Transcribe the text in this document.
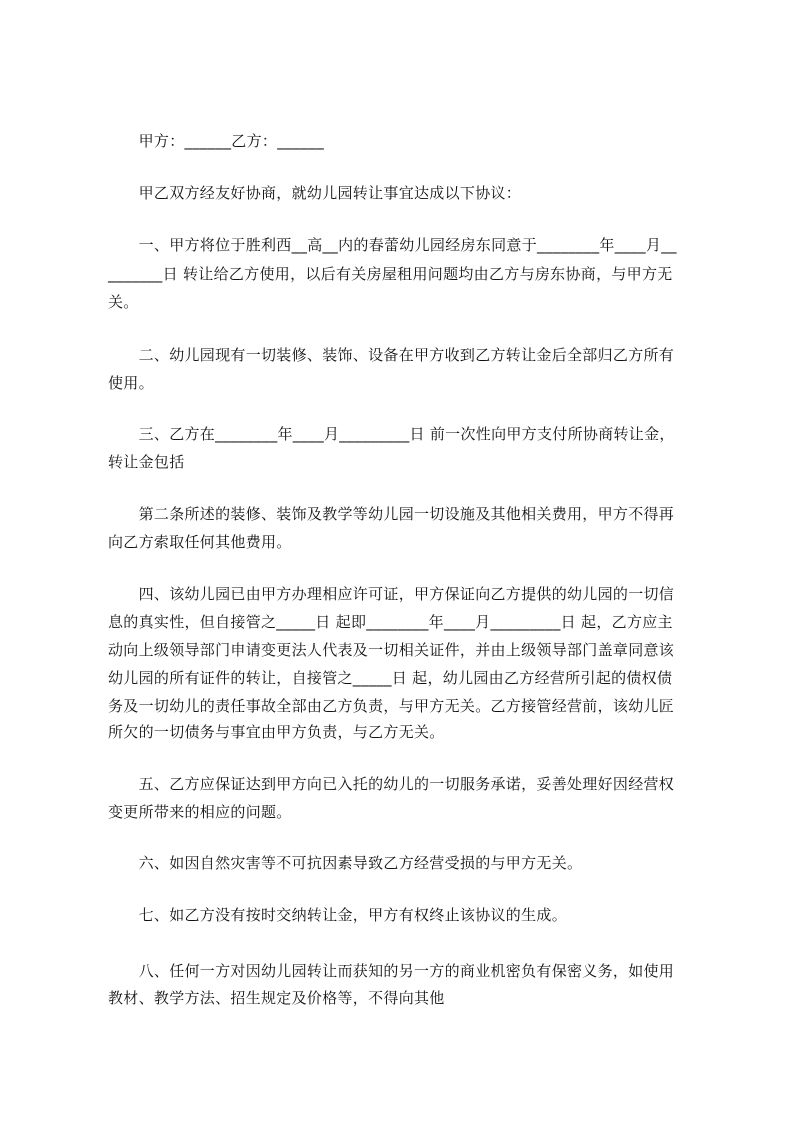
　　甲方：______乙方：______

　　甲乙双方经友好协商，就幼儿园转让事宜达成以下协议：

　　一、甲方将位于胜利西__高__内的春蕾幼儿园经房东同意于________年____月__

_______日 转让给乙方使用，以后有关房屋租用问题均由乙方与房东协商，与甲方无

关。

　　二、幼儿园现有一切装修、装饰、设备在甲方收到乙方转让金后全部归乙方所有

使用。

　　三、乙方在________年____月_________日 前一次性向甲方支付所协商转让金，

转让金包括

　　第二条所述的装修、装饰及教学等幼儿园一切设施及其他相关费用，甲方不得再

向乙方索取任何其他费用。

　　四、该幼儿园已由甲方办理相应许可证，甲方保证向乙方提供的幼儿园的一切信

息的真实性，但自接管之_____日 起即________年____月_________日 起，乙方应主

动向上级领导部门申请变更法人代表及一切相关证件，并由上级领导部门盖章同意该

幼儿园的所有证件的转让，自接管之_____日 起，幼儿园由乙方经营所引起的债权债

务及一切幼儿的责任事故全部由乙方负责，与甲方无关。乙方接管经营前，该幼儿匠

所欠的一切债务与事宜由甲方负责，与乙方无关。

　　五、乙方应保证达到甲方向已入托的幼儿的一切服务承诺，妥善处理好因经营权

变更所带来的相应的问题。

　　六、如因自然灾害等不可抗因素导致乙方经营受损的与甲方无关。

　　七、如乙方没有按时交纳转让金，甲方有权终止该协议的生成。

　　八、任何一方对因幼儿园转让而获知的另一方的商业机密负有保密义务，如使用

教材、教学方法、招生规定及价格等，不得向其他
